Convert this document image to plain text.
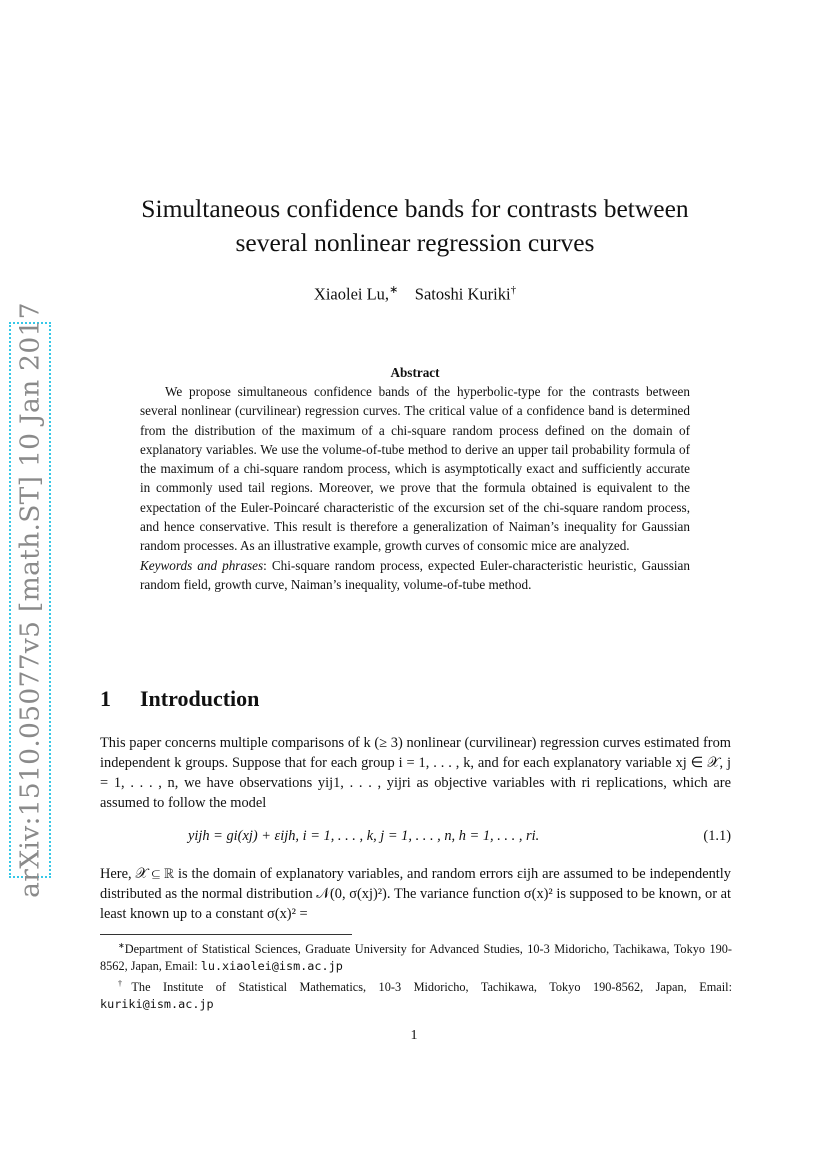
arXiv:1510.05077v5 [math.ST] 10 Jan 2017
Simultaneous confidence bands for contrasts between
several nonlinear regression curves
Xiaolei Lu,∗ Satoshi Kuriki†
Abstract

We propose simultaneous confidence bands of the hyperbolic-type for the contrasts between several nonlinear (curvilinear) regression curves. The critical value of a confidence band is determined from the distribution of the maximum of a chi-square random process defined on the domain of explanatory variables. We use the volume-of-tube method to derive an upper tail probability formula of the maximum of a chi-square random process, which is asymptotically exact and sufficiently accurate in commonly used tail regions. Moreover, we prove that the formula obtained is equivalent to the expectation of the Euler-Poincaré characteristic of the excursion set of the chi-square random process, and hence conservative. This result is therefore a generalization of Naiman’s inequality for Gaussian random processes. As an illustrative example, growth curves of consomic mice are analyzed.

Keywords and phrases: Chi-square random process, expected Euler-characteristic heuristic, Gaussian random field, growth curve, Naiman’s inequality, volume-of-tube method.

1 Introduction

This paper concerns multiple comparisons of k (≥ 3) nonlinear (curvilinear) regression curves estimated from independent k groups. Suppose that for each group i = 1, . . . , k, and for each explanatory variable xj ∈ 𝒳, j = 1, . . . , n, we have observations yij1, . . . , yijri as objective variables with ri replications, which are assumed to follow the model

yijh = gi(xj) + εijh, i = 1, . . . , k, j = 1, . . . , n, h = 1, . . . , ri.	(1.1)

Here, 𝒳 ⊆ ℝ is the domain of explanatory variables, and random errors εijh are assumed to be independently distributed as the normal distribution 𝒩(0, σ(xj)²). The variance function σ(x)² is supposed to be known, or at least known up to a constant σ(x)² =

∗Department of Statistical Sciences, Graduate University for Advanced Studies, 10-3 Midoricho, Tachikawa, Tokyo 190-8562, Japan, Email: lu.xiaolei@ism.ac.jp

†The Institute of Statistical Mathematics, 10-3 Midoricho, Tachikawa, Tokyo 190-8562, Japan, Email: kuriki@ism.ac.jp

1
